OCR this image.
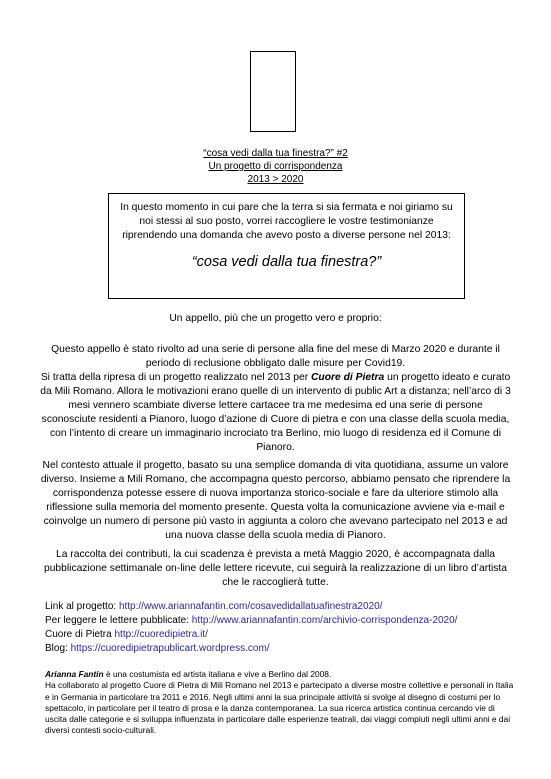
“cosa vedi dalla tua finestra?” #2
Un progetto di corrispondenza
2013 > 2020
In questo momento in cui pare che la terra si sia fermata e noi giriamo su noi stessi al suo posto, vorrei raccogliere le vostre testimonianze riprendendo una domanda che avevo posto a diverse persone nel 2013:
“cosa vedi dalla tua finestra?”

Un appello, più che un progetto vero e proprio:

Questo appello è stato rivolto ad una serie di persone alla fine del mese di Marzo 2020 e durante il periodo di reclusione obbligato dalle misure per Covid19.
Si tratta della ripresa di un progetto realizzato nel 2013 per Cuore di Pietra un progetto ideato e curato da Mili Romano. Allora le motivazioni erano quelle di un intervento di public Art a distanza; nell’arco di 3 mesi vennero scambiate diverse lettere cartacee tra me medesima ed una serie di persone sconosciute residenti a Pianoro, luogo d’azione di Cuore di pietra e con una classe della scuola media, con l’intento di creare un immaginario incrociato tra Berlino, mio luogo di residenza ed il Comune di Pianoro.

Nel contesto attuale il progetto, basato su una semplice domanda di vita quotidiana, assume un valore diverso. Insieme a Mili Romano, che accompagna questo percorso, abbiamo pensato che riprendere la corrispondenza potesse essere di nuova importanza storico-sociale e fare da ulteriore stimolo alla riflessione sulla memoria del momento presente. Questa volta la comunicazione avviene via e-mail e coinvolge un numero di persone più vasto in aggiunta a coloro che avevano partecipato nel 2013 e ad una nuova classe della scuola media di Pianoro.

La raccolta dei contributi, la cui scadenza è prevista a metà Maggio 2020, è accompagnata dalla pubblicazione settimanale on-line delle lettere ricevute, cui seguirà la realizzazione di un libro d’artista che le raccoglierà tutte.

Link al progetto: http://www.ariannafantin.com/cosavedidallatuafinestra2020/
Per leggere le lettere pubblicate: http://www.ariannafantin.com/archivio-corrispondenza-2020/
Cuore di Pietra http://cuoredipietra.it/
Blog: https://cuoredipietrapublicart.wordpress.com/
Arianna Fantin è una costumista ed artista italiana e vive a Berlino dal 2008.
Ha collaborato al progetto Cuore di Pietra di Mili Romano nel 2013 e partecipato a diverse mostre collettive e personali in Italia e in Germania in particolare tra 2011 e 2016. Negli ultimi anni la sua principale attività si svolge al disegno di costumi per lo spettacolo, in particolare per il teatro di prosa e la danza contemporanea. La sua ricerca artistica continua cercando vie di uscita dalle categorie e si sviluppa influenzata in particolare dalle esperienze teatrali, dai viaggi compiuti negli ultimi anni e dai diversi contesti socio-culturali.
